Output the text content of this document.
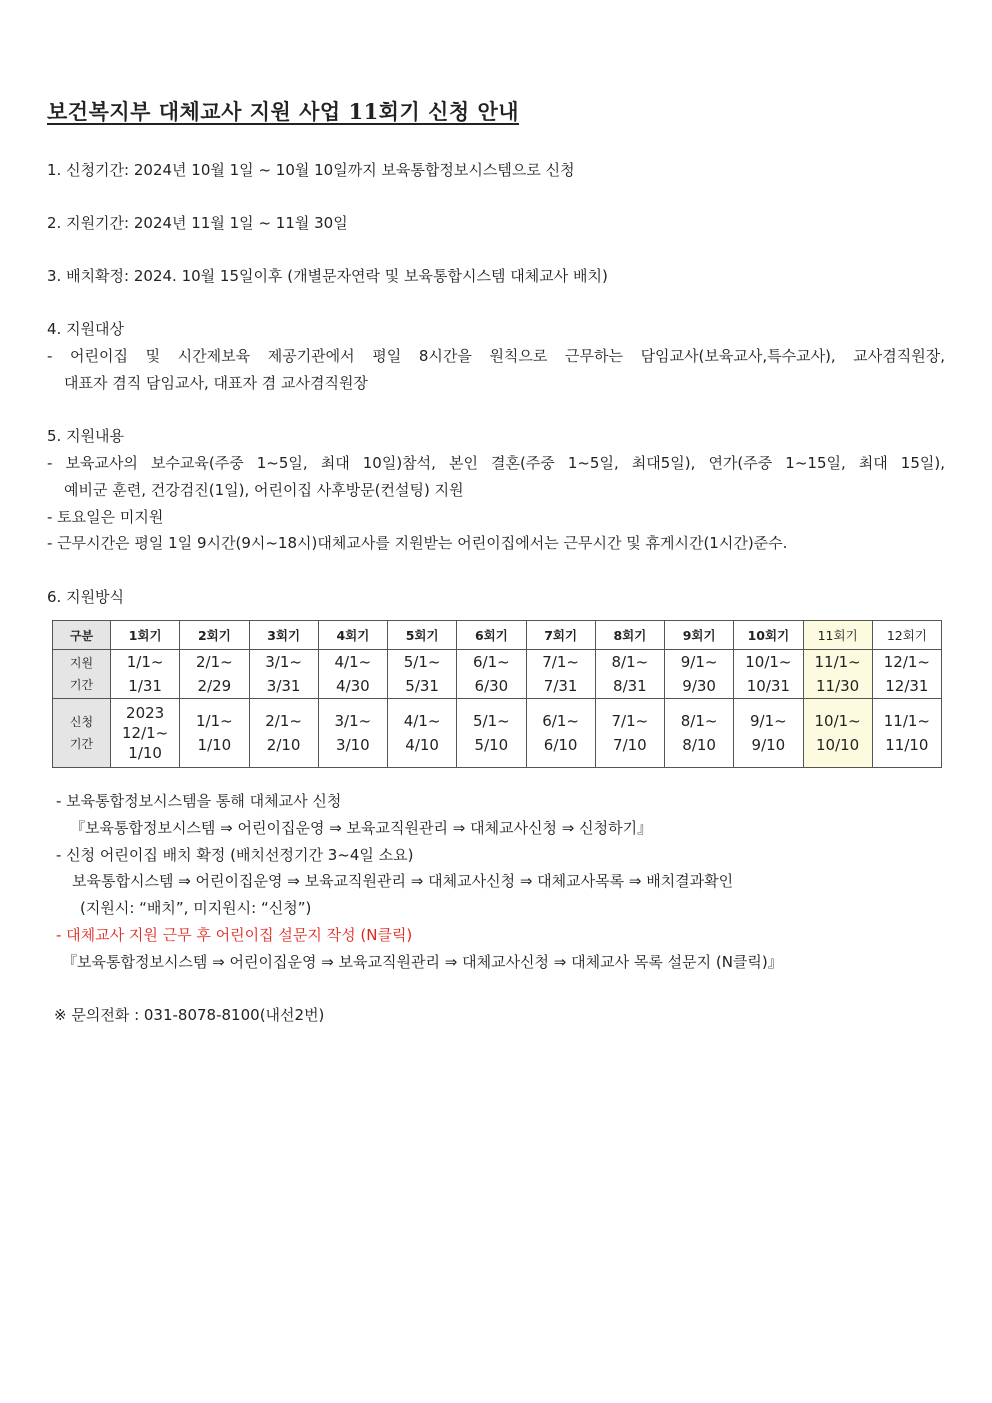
보건복지부 대체교사 지원 사업 11회기 신청 안내

1. 신청기간: 2024년 10월 1일 ~ 10월 10일까지 보육통합정보시스템으로 신청

2. 지원기간: 2024년 11월 1일 ~ 11월 30일

3. 배치확정: 2024. 10월 15일이후 (개별문자연락 및 보육통합시스템 대체교사 배치)

4. 지원대상

- 어린이집 및 시간제보육 제공기관에서 평일 8시간을 원칙으로 근무하는 담임교사(보육교사,특수교사), 교사겸직원장,

대표자 겸직 담임교사, 대표자 겸 교사겸직원장

5. 지원내용

- 보육교사의 보수교육(주중 1~5일, 최대 10일)참석, 본인 결혼(주중 1~5일, 최대5일), 연가(주중 1~15일, 최대 15일),

예비군 훈련, 건강검진(1일), 어린이집 사후방문(컨설팅) 지원

- 토요일은 미지원

- 근무시간은 평일 1일 9시간(9시~18시)대체교사를 지원받는 어린이집에서는 근무시간 및 휴게시간(1시간)준수.

6. 지원방식

구분	1회기	2회기	3회기	4회기	5회기	6회기	7회기	8회기	9회기	10회기	11회기	12회기

지원
기간	1/1~
1/31	2/1~
2/29	3/1~
3/31	4/1~
4/30	5/1~
5/31	6/1~
6/30	7/1~
7/31	8/1~
8/31	9/1~
9/30	10/1~
10/31	11/1~
11/30	12/1~
12/31

신청
기간	2023
12/1~
1/10	1/1~
1/10	2/1~
2/10	3/1~
3/10	4/1~
4/10	5/1~
5/10	6/1~
6/10	7/1~
7/10	8/1~
8/10	9/1~
9/10	10/1~
10/10	11/1~
11/10

- 보육통합정보시스템을 통해 대체교사 신청

『보육통합정보시스템 ⇒ 어린이집운영 ⇒ 보육교직원관리 ⇒ 대체교사신청 ⇒ 신청하기』

- 신청 어린이집 배치 확정 (배치선정기간 3~4일 소요)

보육통합시스템 ⇒ 어린이집운영 ⇒ 보육교직원관리 ⇒ 대체교사신청 ⇒ 대체교사목록 ⇒ 배치결과확인

(지원시: “배치”, 미지원시: “신청”)

- 대체교사 지원 근무 후 어린이집 설문지 작성 (N클릭)

『보육통합정보시스템 ⇒ 어린이집운영 ⇒ 보육교직원관리 ⇒ 대체교사신청 ⇒ 대체교사 목록 설문지 (N클릭)』

※ 문의전화 : 031-8078-8100(내선2번)
